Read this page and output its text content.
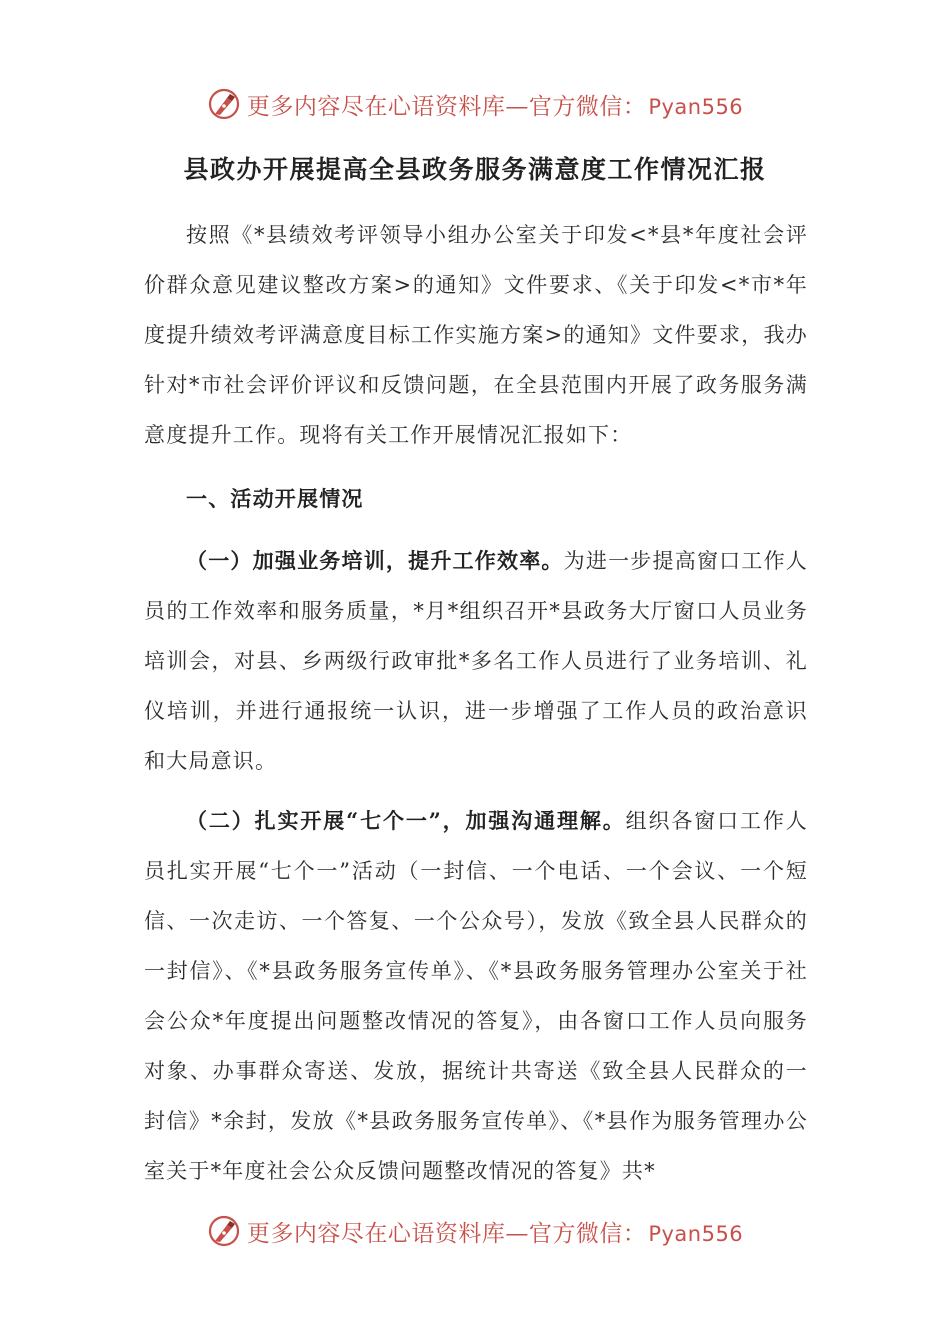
更多内容尽在心语资料库—官方微信：Pyan556
县政办开展提高全县政务服务满意度工作情况汇报

按照《*县绩效考评领导小组办公室关于印发<*县*年度社会评价群众意见建议整改方案>的通知》文件要求、《关于印发<*市*年度提升绩效考评满意度目标工作实施方案>的通知》文件要求，我办针对*市社会评价评议和反馈问题，在全县范围内开展了政务服务满意度提升工作。现将有关工作开展情况汇报如下：

一、活动开展情况

（一）加强业务培训，提升工作效率。为进一步提高窗口工作人员的工作效率和服务质量，*月*组织召开*县政务大厅窗口人员业务培训会，对县、乡两级行政审批*多名工作人员进行了业务培训、礼仪培训，并进行通报统一认识，进一步增强了工作人员的政治意识和大局意识。

（二）扎实开展“七个一”，加强沟通理解。组织各窗口工作人员扎实开展“七个一”活动（一封信、一个电话、一个会议、一个短信、一次走访、一个答复、一个公众号），发放《致全县人民群众的一封信》、《*县政务服务宣传单》、《*县政务服务管理办公室关于社会公众*年度提出问题整改情况的答复》，由各窗口工作人员向服务对象、办事群众寄送、发放，据统计共寄送《致全县人民群众的一封信》*余封，发放《*县政务服务宣传单》、《*县作为服务管理办公室关于*年度社会公众反馈问题整改情况的答复》共*

更多内容尽在心语资料库—官方微信：Pyan556
